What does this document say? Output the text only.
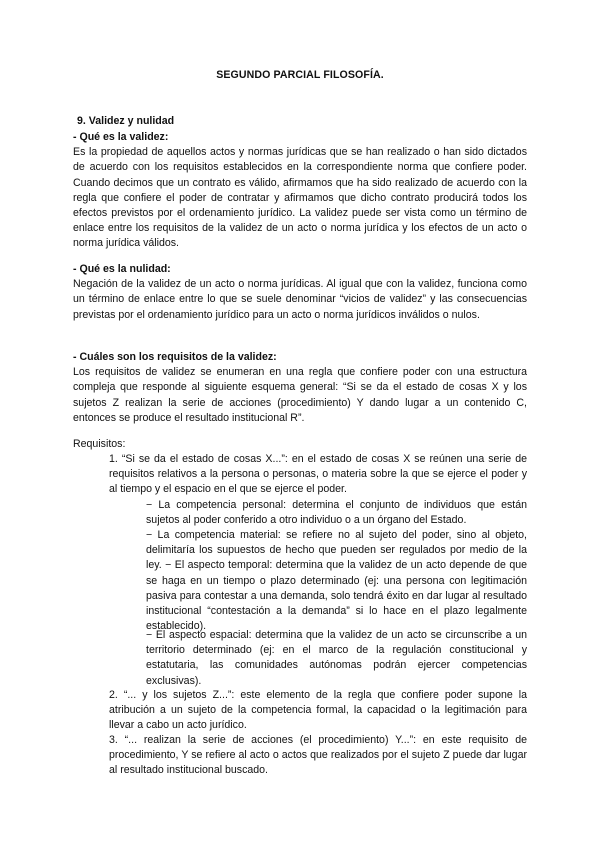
SEGUNDO PARCIAL FILOSOFÍA.
9. Validez y nulidad
- Qué es la validez:

Es la propiedad de aquellos actos y normas jurídicas que se han realizado o han sido dictados de acuerdo con los requisitos establecidos en la correspondiente norma que confiere poder. Cuando decimos que un contrato es válido, afirmamos que ha sido realizado de acuerdo con la regla que confiere el poder de contratar y afirmamos que dicho contrato producirá todos los efectos previstos por el ordenamiento jurídico. La validez puede ser vista como un término de enlace entre los requisitos de la validez de un acto o norma jurídica y los efectos de un acto o norma jurídica válidos.

- Qué es la nulidad:

Negación de la validez de un acto o norma jurídicas. Al igual que con la validez, funciona como un término de enlace entre lo que se suele denominar “vicios de validez” y las consecuencias previstas por el ordenamiento jurídico para un acto o norma jurídicos inválidos o nulos.

- Cuáles son los requisitos de la validez:

Los requisitos de validez se enumeran en una regla que confiere poder con una estructura compleja que responde al siguiente esquema general: “Si se da el estado de cosas X y los sujetos Z realizan la serie de acciones (procedimiento) Y dando lugar a un contenido C, entonces se produce el resultado institucional R”.

Requisitos:

1. “Si se da el estado de cosas X...”: en el estado de cosas X se reúnen una serie de requisitos relativos a la persona o personas, o materia sobre la que se ejerce el poder y al tiempo y el espacio en el que se ejerce el poder.

− La competencia personal: determina el conjunto de individuos que están sujetos al poder conferido a otro individuo o a un órgano del Estado.

− La competencia material: se refiere no al sujeto del poder, sino al objeto, delimitaría los supuestos de hecho que pueden ser regulados por medio de la ley. − El aspecto temporal: determina que la validez de un acto depende de que se haga en un tiempo o plazo determinado (ej: una persona con legitimación pasiva para contestar a una demanda, solo tendrá éxito en dar lugar al resultado institucional “contestación a la demanda” si lo hace en el plazo legalmente establecido).

− El aspecto espacial: determina que la validez de un acto se circunscribe a un territorio determinado (ej: en el marco de la regulación constitucional y estatutaria, las comunidades autónomas podrán ejercer competencias exclusivas).

2. “... y los sujetos Z...”: este elemento de la regla que confiere poder supone la atribución a un sujeto de la competencia formal, la capacidad o la legitimación para llevar a cabo un acto jurídico.

3. “... realizan la serie de acciones (el procedimiento) Y...”: en este requisito de procedimiento, Y se refiere al acto o actos que realizados por el sujeto Z puede dar lugar al resultado institucional buscado.
